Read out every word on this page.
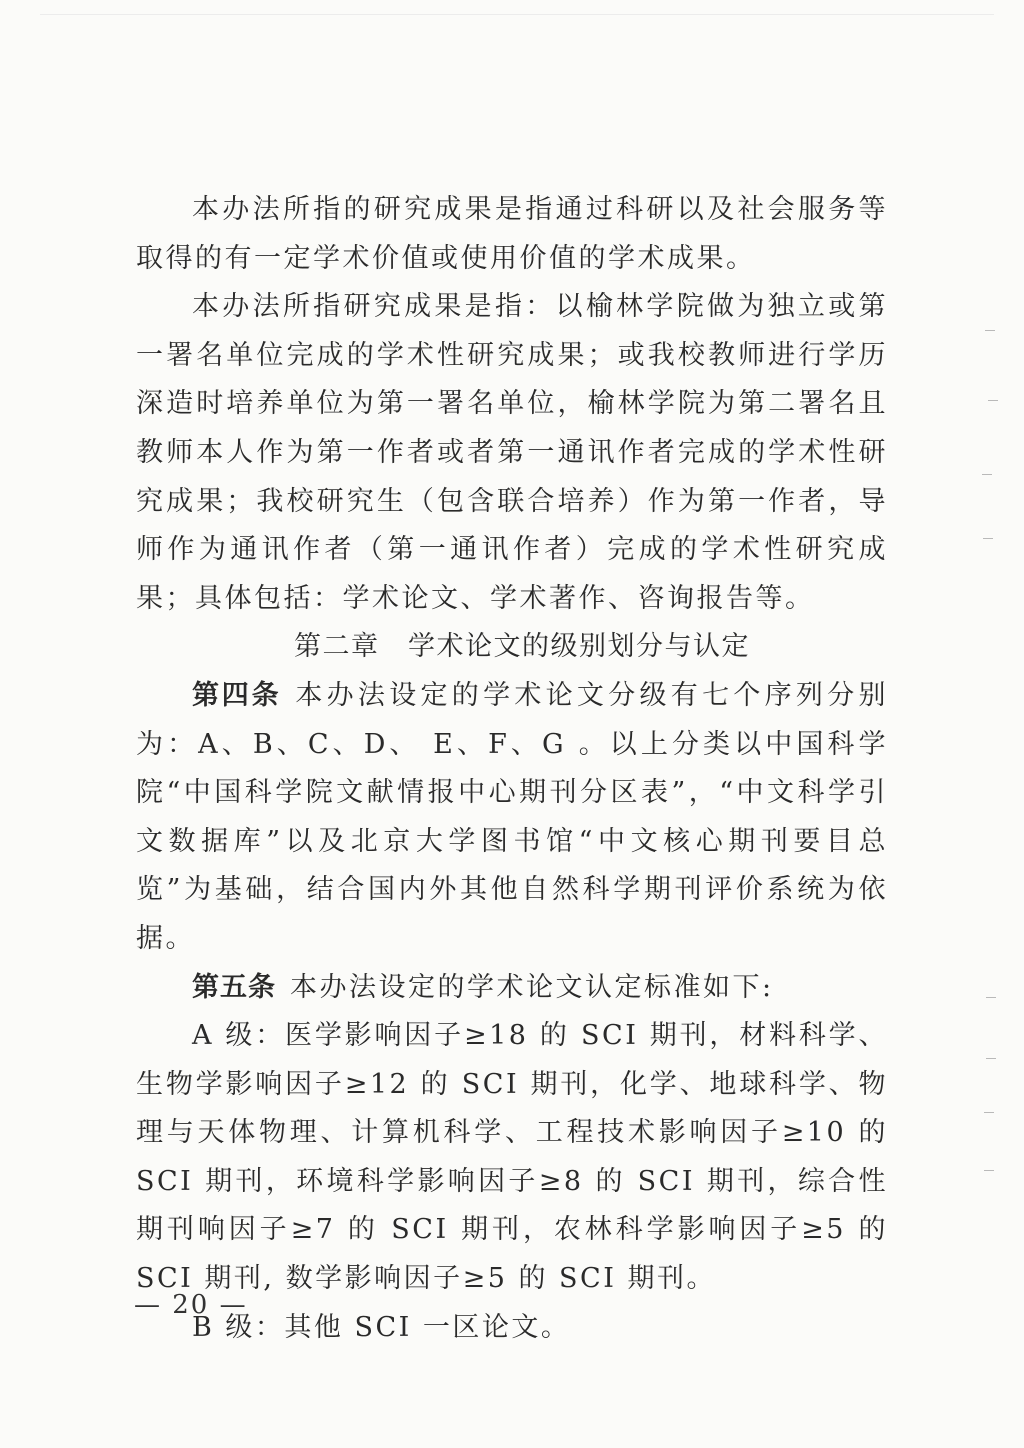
本办法所指的研究成果是指通过科研以及社会服务等取得的有一定学术价值或使用价值的学术成果。

本办法所指研究成果是指：以榆林学院做为独立或第一署名单位完成的学术性研究成果；或我校教师进行学历深造时培养单位为第一署名单位，榆林学院为第二署名且教师本人作为第一作者或者第一通讯作者完成的学术性研究成果；我校研究生（包含联合培养）作为第一作者，导师作为通讯作者（第一通讯作者）完成的学术性研究成果；具体包括：学术论文、学术著作、咨询报告等。

第二章　学术论文的级别划分与认定

第四条 本办法设定的学术论文分级有七个序列分别为：A、B、C、D、 E、F、G 。以上分类以中国科学院“中国科学院文献情报中心期刊分区表”，“中文科学引文数据库”以及北京大学图书馆“中文核心期刊要目总览”为基础，结合国内外其他自然科学期刊评价系统为依据。

第五条 本办法设定的学术论文认定标准如下:

A 级：医学影响因子≥18 的 SCI 期刊，材料科学、生物学影响因子≥12 的 SCI 期刊，化学、地球科学、物理与天体物理、计算机科学、工程技术影响因子≥10 的 SCI 期刊，环境科学影响因子≥8 的 SCI 期刊，综合性期刊响因子≥7 的 SCI 期刊，农林科学影响因子≥5 的 SCI 期刊, 数学影响因子≥5 的 SCI 期刊。

B 级：其他 SCI 一区论文。

— 20 —
